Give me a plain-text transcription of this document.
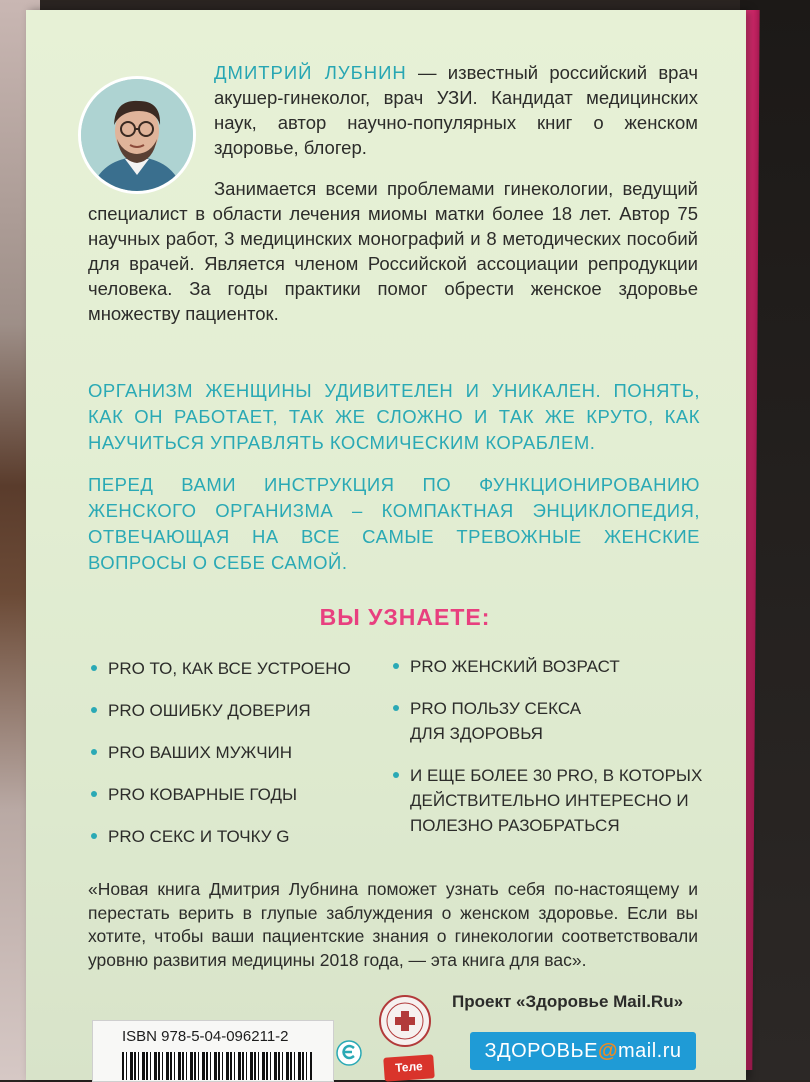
ДМИТРИЙ ЛУБНИН — известный российский врач акушер-гинеколог, врач УЗИ. Кандидат медицинских наук, автор научно-популярных книг о женском здоровье, блогер.

Занимается всеми проблемами гинекологии, ведущий специалист в области лечения миомы матки более 18 лет. Автор 75 научных работ, 3 медицинских монографий и 8 методических пособий для врачей. Является членом Российской ассоциации репродукции человека. За годы практики помог обрести женское здоровье множеству пациенток.

ОРГАНИЗМ ЖЕНЩИНЫ УДИВИТЕЛЕН И УНИКАЛЕН. ПОНЯТЬ, КАК ОН РАБОТАЕТ, ТАК ЖЕ СЛОЖНО И ТАК ЖЕ КРУТО, КАК НАУЧИТЬСЯ УПРАВЛЯТЬ КОСМИЧЕСКИМ КОРАБЛЕМ.

ПЕРЕД ВАМИ ИНСТРУКЦИЯ ПО ФУНКЦИОНИРОВАНИЮ ЖЕНСКОГО ОРГАНИЗМА – КОМПАКТНАЯ ЭНЦИКЛОПЕДИЯ, ОТВЕЧАЮЩАЯ НА ВСЕ САМЫЕ ТРЕВОЖНЫЕ ЖЕНСКИЕ ВОПРОСЫ О СЕБЕ САМОЙ.

ВЫ УЗНАЕТЕ:

PRO ТО, КАК ВСЕ УСТРОЕНО
PRO ОШИБКУ ДОВЕРИЯ
PRO ВАШИХ МУЖЧИН
PRO КОВАРНЫЕ ГОДЫ
PRO СЕКС И ТОЧКУ G
PRO ЖЕНСКИЙ ВОЗРАСТ
PRO ПОЛЬЗУ СЕКСА ДЛЯ ЗДОРОВЬЯ
И ЕЩЕ БОЛЕЕ 30 PRO, В КОТОРЫХ ДЕЙСТВИТЕЛЬНО ИНТЕРЕСНО И ПОЛЕЗНО РАЗОБРАТЬСЯ

«Новая книга Дмитрия Лубнина поможет узнать себя по-настоящему и перестать верить в глупые заблуждения о женском здоровье. Если вы хотите, чтобы ваши пациентские знания о гинекологии соответствовали уровню развития медицины 2018 года, — эта книга для вас».

ISBN 978-5-04-096211-2
Теле
Проект «Здоровье Mail.Ru»
ЗДОРОВЬЕ@mail.ru
